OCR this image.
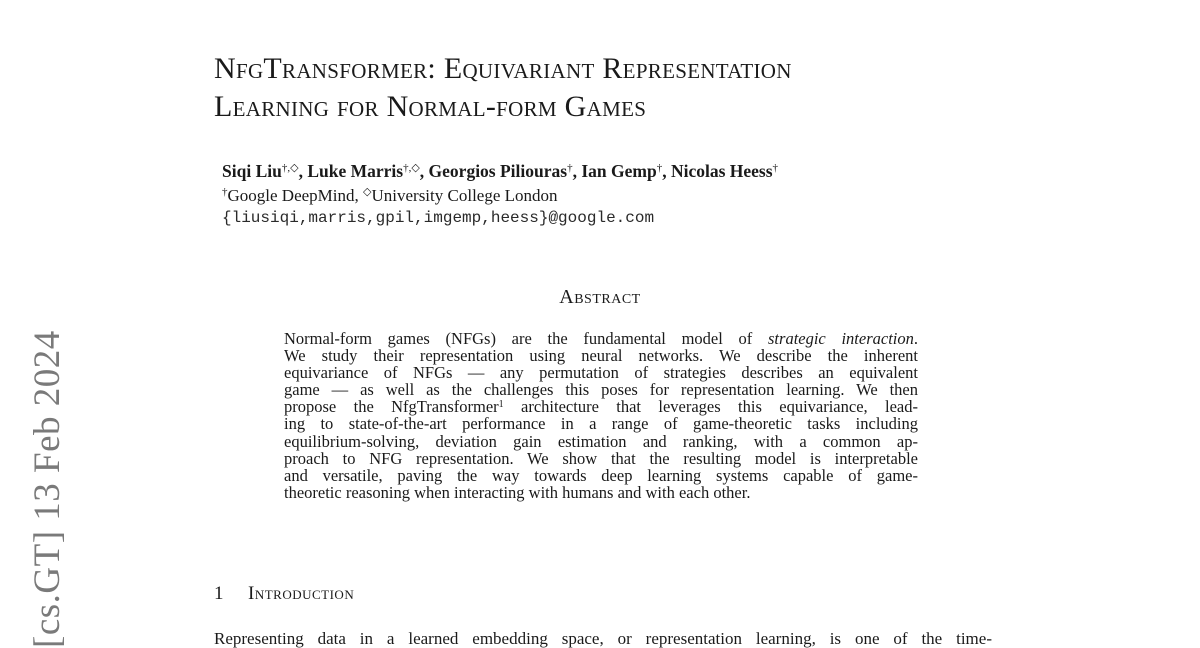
[cs.GT] 13 Feb 2024
NfgTransformer: Equivariant Representation
Learning for Normal-form Games
Siqi Liu†,◇, Luke Marris†,◇, Georgios Piliouras†, Ian Gemp†, Nicolas Heess†
†Google DeepMind, ◇University College London
{liusiqi,marris,gpil,imgemp,heess}@google.com
Abstract
Normal-form games (NFGs) are the fundamental model of strategic interaction.
We study their representation using neural networks. We describe the inherent
equivariance of NFGs — any permutation of strategies describes an equivalent
game — as well as the challenges this poses for representation learning. We then
propose the NfgTransformer$^1$ architecture that leverages this equivariance, lead-
ing to state-of-the-art performance in a range of game-theoretic tasks including
equilibrium-solving, deviation gain estimation and ranking, with a common ap-
proach to NFG representation. We show that the resulting model is interpretable
and versatile, paving the way towards deep learning systems capable of game-
theoretic reasoning when interacting with humans and with each other.
1 Introduction
Representing data in a learned embedding space, or representation learning, is one of the time-
